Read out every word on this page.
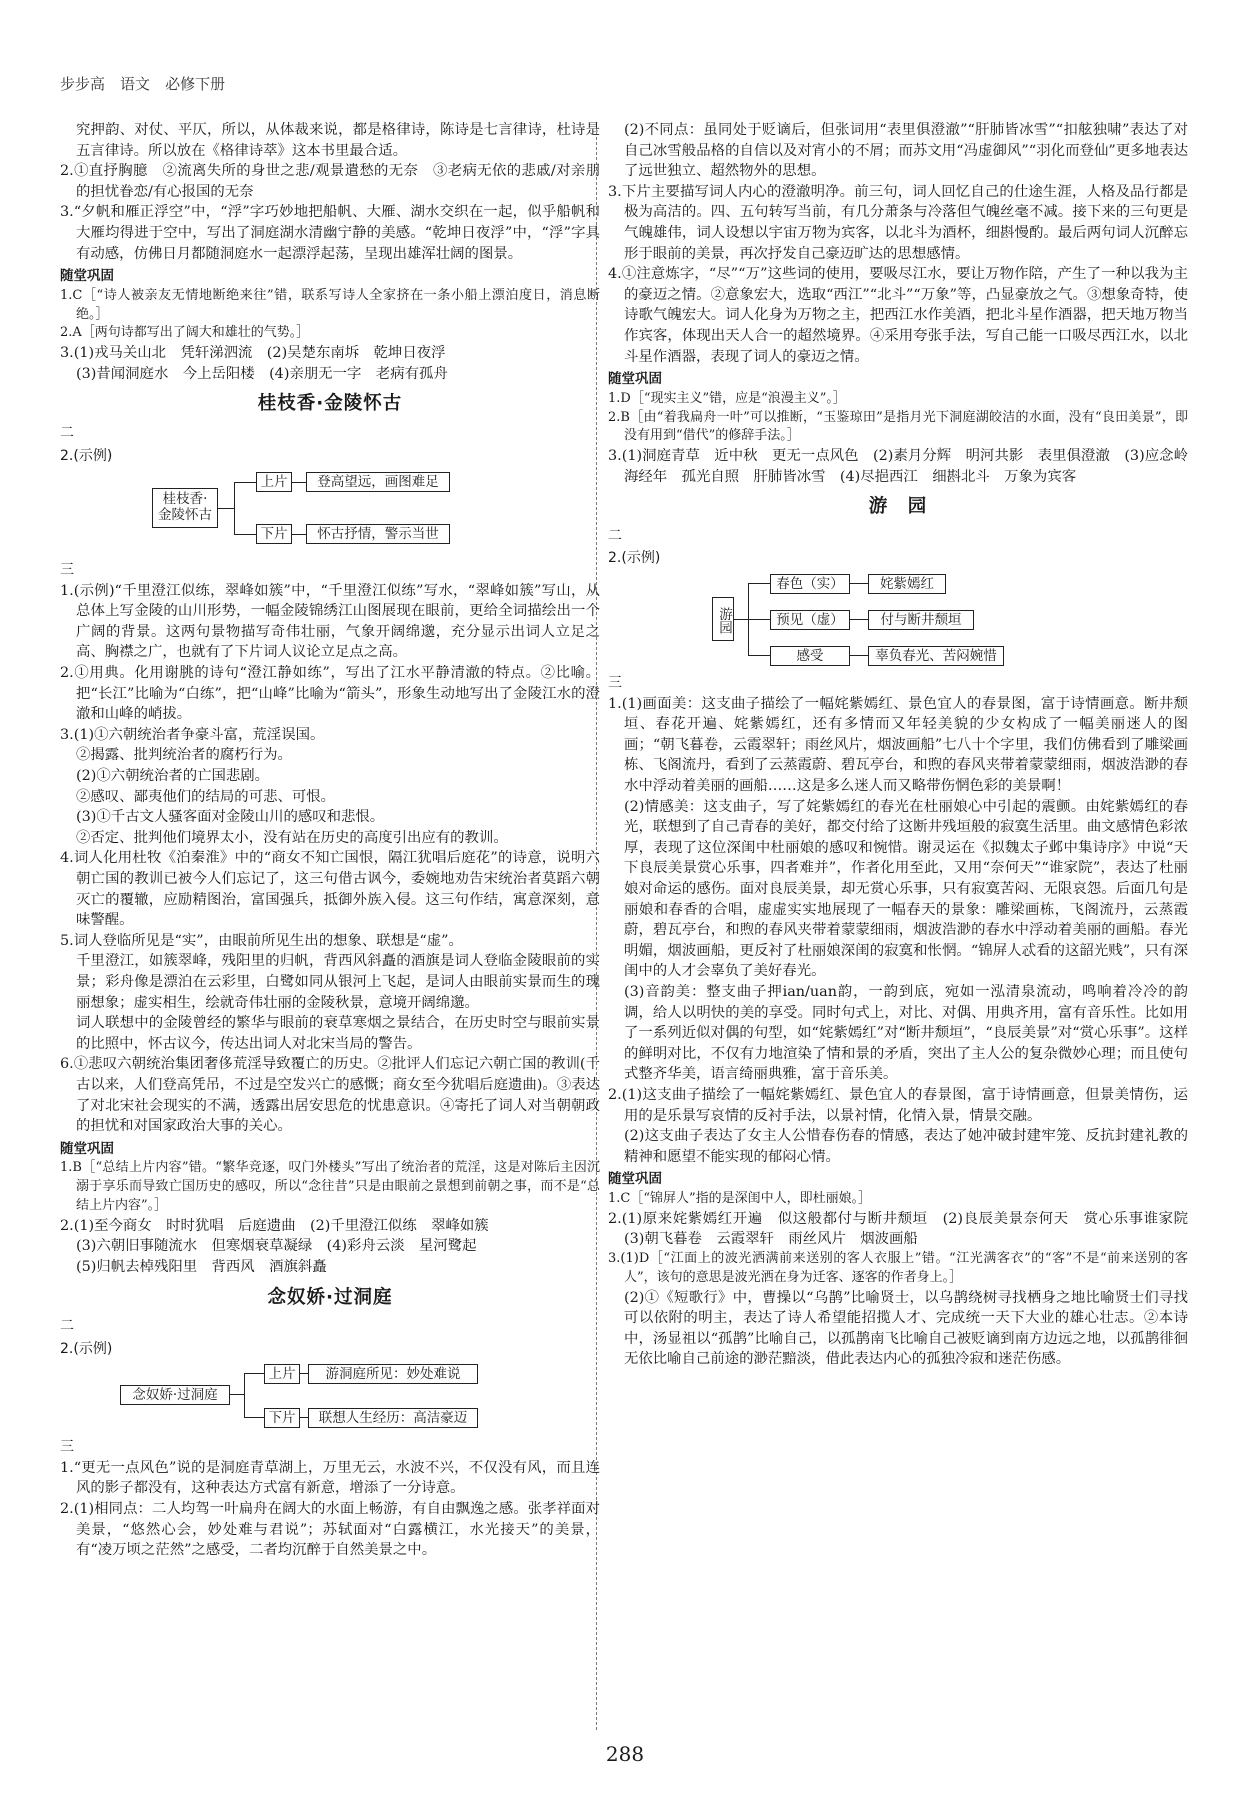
步步高　 语文　 必修下册

究押韵、对仗、平仄，所以，从体裁来说，都是格律诗，陈诗是七言律诗，杜诗是五言律诗。所以放在《格律诗萃》这本书里最合适。

2.①直抒胸臆　②流离失所的身世之悲/观景遣愁的无奈　③老病无依的悲戚/对亲朋的担忧眷恋/有心报国的无奈

3.“夕帆和雁正浮空”中，“浮”字巧妙地把船帆、大雁、湖水交织在一起，似乎船帆和大雁均得进于空中，写出了洞庭湖水清幽宁静的美感。“乾坤日夜浮”中，“浮”字具有动感，仿佛日月都随洞庭水一起漂浮起荡，呈现出雄浑壮阔的图景。

随堂巩固

1.C［“诗人被亲友无情地断绝来往”错，联系写诗人全家挤在一条小船上漂泊度日，消息断绝。］

2.A［两句诗都写出了阔大和雄壮的气势。］

3.(1)戎马关山北　凭轩涕泗流　(2)吴楚东南坼　乾坤日夜浮

(3)昔闻洞庭水　今上岳阳楼　(4)亲朋无一字　老病有孤舟

桂枝香·金陵怀古
二
2.(示例)
桂枝香·
金陵怀古
上片
下片
登高望远，画图难足
怀古抒情，警示当世
三

1.(示例)“千里澄江似练，翠峰如簇”中，“千里澄江似练”写水，“翠峰如簇”写山，从总体上写金陵的山川形势，一幅金陵锦绣江山图展现在眼前，更给全词描绘出一个广阔的背景。这两句景物描写奇伟壮丽，气象开阔绵邈，充分显示出词人立足之高、胸襟之广，也就有了下片词人议论立足点之高。

2.①用典。化用谢朓的诗句“澄江静如练”，写出了江水平静清澈的特点。②比喻。把“长江”比喻为“白练”，把“山峰”比喻为“箭头”，形象生动地写出了金陵江水的澄澈和山峰的峭拔。

3.(1)①六朝统治者争豪斗富，荒淫误国。

②揭露、批判统治者的腐朽行为。

(2)①六朝统治者的亡国悲剧。

②感叹、鄙夷他们的结局的可悲、可恨。

(3)①千古文人骚客面对金陵山川的感叹和悲恨。

②否定、批判他们境界太小，没有站在历史的高度引出应有的教训。

4.词人化用杜牧《泊秦淮》中的“商女不知亡国恨，隔江犹唱后庭花”的诗意，说明六朝亡国的教训已被今人们忘记了，这三句借古讽今，委婉地劝告宋统治者莫蹈六朝灭亡的覆辙，应励精图治，富国强兵，抵御外族入侵。这三句作结，寓意深刻，意味警醒。

5.词人登临所见是“实”，由眼前所见生出的想象、联想是“虚”。

千里澄江，如簇翠峰，残阳里的归帆，背西风斜矗的酒旗是词人登临金陵眼前的实景；彩舟像是漂泊在云彩里，白鹭如同从银河上飞起，是词人由眼前实景而生的瑰丽想象；虚实相生，绘就奇伟壮丽的金陵秋景，意境开阔绵邈。

词人联想中的金陵曾经的繁华与眼前的衰草寒烟之景结合，在历史时空与眼前实景的比照中，怀古议今，传达出词人对北宋当局的警告。

6.①悲叹六朝统治集团奢侈荒淫导致覆亡的历史。②批评人们忘记六朝亡国的教训(千古以来，人们登高凭吊，不过是空发兴亡的感慨；商女至今犹唱后庭遗曲)。③表达了对北宋社会现实的不满，透露出居安思危的忧患意识。④寄托了词人对当朝朝政的担忧和对国家政治大事的关心。

随堂巩固

1.B［“总结上片内容”错。“繁华竞逐，叹门外楼头”写出了统治者的荒淫，这是对陈后主因沉溺于享乐而导致亡国历史的感叹，所以“念往昔”只是由眼前之景想到前朝之事，而不是“总结上片内容”。］

2.(1)至今商女　时时犹唱　后庭遗曲　(2)千里澄江似练　翠峰如簇

(3)六朝旧事随流水　但寒烟衰草凝绿　(4)彩舟云淡　星河鹭起

(5)归帆去棹残阳里　背西风　酒旗斜矗

念奴娇·过洞庭
二
2.(示例)
念奴娇·过洞庭
上片
下片
游洞庭所见：妙处难说
联想人生经历：高洁豪迈
三

1.“更无一点风色”说的是洞庭青草湖上，万里无云，水波不兴，不仅没有风，而且连风的影子都没有，这种表达方式富有新意，增添了一分诗意。

2.(1)相同点：二人均驾一叶扁舟在阔大的水面上畅游，有自由飘逸之感。张孝祥面对美景，“悠然心会，妙处难与君说”；苏轼面对“白露横江，水光接天”的美景，有“凌万顷之茫然”之感受，二者均沉醉于自然美景之中。

(2)不同点：虽同处于贬谪后，但张词用“表里俱澄澈”“肝肺皆冰雪”“扣舷独啸”表达了对自己冰雪般品格的自信以及对宵小的不屑；而苏文用“冯虚御风”“羽化而登仙”更多地表达了远世独立、超然物外的思想。

3.下片主要描写词人内心的澄澈明净。前三句，词人回忆自己的仕途生涯，人格及品行都是极为高洁的。四、五句转写当前，有几分萧条与冷落但气魄丝毫不减。接下来的三句更是气魄雄伟，词人设想以宇宙万物为宾客，以北斗为酒杯，细斟慢酌。最后两句词人沉醉忘形于眼前的美景，再次抒发自己豪迈旷达的思想感情。

4.①注意炼字，“尽”“万”这些词的使用，要吸尽江水，要让万物作陪，产生了一种以我为主的豪迈之情。②意象宏大，选取“西江”“北斗”“万象”等，凸显豪放之气。③想象奇特，使诗歌气魄宏大。词人化身为万物之主，把西江水作美酒，把北斗星作酒器，把天地万物当作宾客，体现出天人合一的超然境界。④采用夸张手法，写自己能一口吸尽西江水，以北斗星作酒器，表现了词人的豪迈之情。

随堂巩固

1.D［“现实主义”错，应是“浪漫主义”。］

2.B［由“着我扁舟一叶”可以推断，“玉鉴琼田”是指月光下洞庭湖皎洁的水面，没有“良田美景”，即没有用到“借代”的修辞手法。］

3.(1)洞庭青草　近中秋　更无一点风色　(2)素月分辉　明河共影　表里俱澄澈　(3)应念岭海经年　孤光自照　肝肺皆冰雪　(4)尽挹西江　细斟北斗　万象为宾客

游　园
二
2.(示例)
游园
春色（实）
预见（虚）
感受
姹紫嫣红
付与断井颓垣
辜负春光、苦闷婉惜
三

1.(1)画面美：这支曲子描绘了一幅姹紫嫣红、景色宜人的春景图，富于诗情画意。断井颓垣、春花开遍、姹紫嫣红，还有多情而又年轻美貌的少女构成了一幅美丽迷人的图画；“朝飞暮卷，云霞翠轩；雨丝风片，烟波画船”七八十个字里，我们仿佛看到了雕梁画栋、飞阁流丹，看到了云蒸霞蔚、碧瓦亭台，和煦的春风夹带着蒙蒙细雨，烟波浩渺的春水中浮动着美丽的画船……这是多么迷人而又略带伤惘色彩的美景啊！

(2)情感美：这支曲子，写了姹紫嫣红的春光在杜丽娘心中引起的震颤。由姹紫嫣红的春光，联想到了自己青春的美好，都交付给了这断井残垣般的寂寞生活里。曲文感情色彩浓厚，表现了这位深闺中杜丽娘的感叹和惋惜。谢灵运在《拟魏太子邺中集诗序》中说“天下良辰美景赏心乐事，四者难并”，作者化用至此，又用“奈何天”“谁家院”，表达了杜丽娘对命运的感伤。面对良辰美景，却无赏心乐事，只有寂寞苦闷、无限哀怨。后面几句是丽娘和春香的合唱，虚虚实实地展现了一幅春天的景象：雕梁画栋，飞阁流丹，云蒸霞蔚，碧瓦亭台，和煦的春风夹带着蒙蒙细雨，烟波浩渺的春水中浮动着美丽的画船。春光明媚，烟波画船，更反衬了杜丽娘深闺的寂寞和怅惘。“锦屏人忒看的这韶光贱”，只有深闺中的人才会辜负了美好春光。

(3)音韵美：整支曲子押ian/uan韵，一韵到底，宛如一泓清泉流动，鸣响着冷冷的韵调，给人以明快的美的享受。同时句式上，对比、对偶、用典齐用，富有音乐性。比如用了一系列近似对偶的句型，如“姹紫嫣红”对“断井颓垣”，“良辰美景”对“赏心乐事”。这样的鲜明对比，不仅有力地渲染了情和景的矛盾，突出了主人公的复杂微妙心理；而且使句式整齐华美，语言绮丽典雅，富于音乐美。

2.(1)这支曲子描绘了一幅姹紫嫣红、景色宜人的春景图，富于诗情画意，但景美情伤，运用的是乐景写哀情的反衬手法，以景衬情，化情入景，情景交融。

(2)这支曲子表达了女主人公惜春伤春的情感，表达了她冲破封建牢笼、反抗封建礼教的精神和愿望不能实现的郁闷心情。

随堂巩固

1.C［“锦屏人”指的是深闺中人，即杜丽娘。］

2.(1)原来姹紫嫣红开遍　似这般都付与断井颓垣　(2)良辰美景奈何天　赏心乐事谁家院　(3)朝飞暮卷　云霞翠轩　雨丝风片　烟波画船

3.(1)D［“江面上的波光洒满前来送别的客人衣服上”错。“江光满客衣”的“客”不是“前来送别的客人”，该句的意思是波光洒在身为迁客、逐客的作者身上。］

(2)①《短歌行》中，曹操以“乌鹊”比喻贤士，以乌鹊绕树寻找栖身之地比喻贤士们寻找可以依附的明主，表达了诗人希望能招揽人才、完成统一天下大业的雄心壮志。②本诗中，汤显祖以“孤鹊”比喻自己，以孤鹊南飞比喻自己被贬谪到南方边远之地，以孤鹊徘徊无依比喻自己前途的渺茫黯淡，借此表达内心的孤独冷寂和迷茫伤感。

288
